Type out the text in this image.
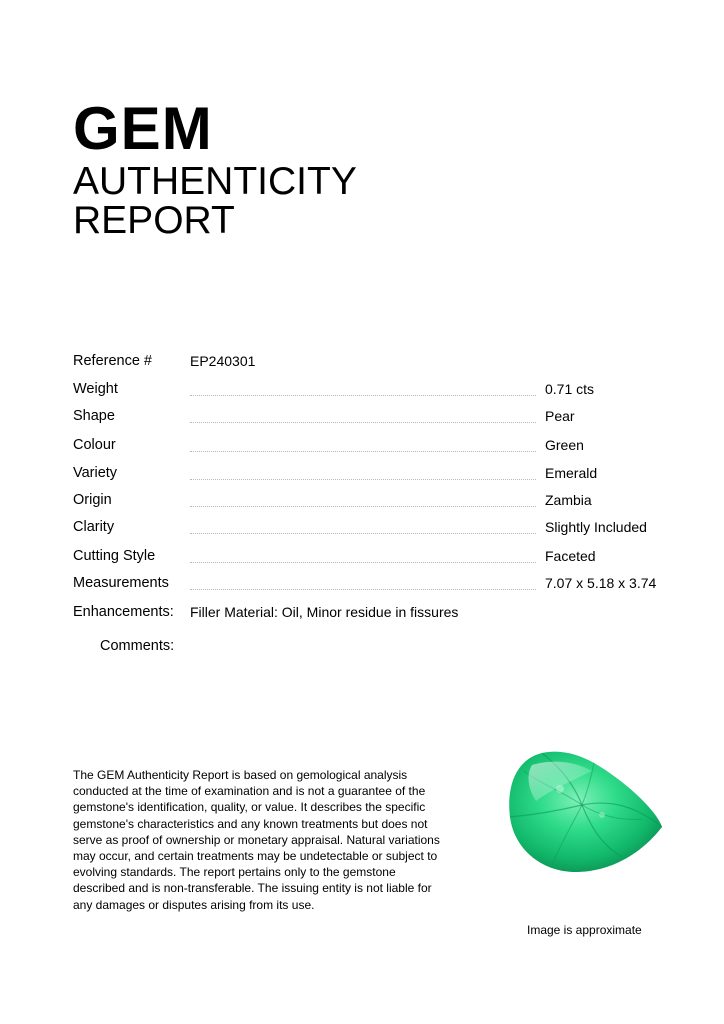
GEM
AUTHENTICITY
REPORT
Reference #	EP240301
Weight	0.71 cts
Shape	Pear
Colour	Green
Variety	Emerald
Origin	Zambia
Clarity	Slightly Included
Cutting Style	Faceted
Measurements	7.07 x 5.18 x 3.74
Enhancements: Filler Material: Oil, Minor residue in fissures
Comments:
The GEM Authenticity Report is based on gemological analysis conducted at the time of examination and is not a guarantee of the gemstone's identification, quality, or value. It describes the specific gemstone's characteristics and any known treatments but does not serve as proof of ownership or monetary appraisal. Natural variations may occur, and certain treatments may be undetectable or subject to evolving standards. The report pertains only to the gemstone described and is non-transferable. The issuing entity is not liable for any damages or disputes arising from its use.
Image is approximate
